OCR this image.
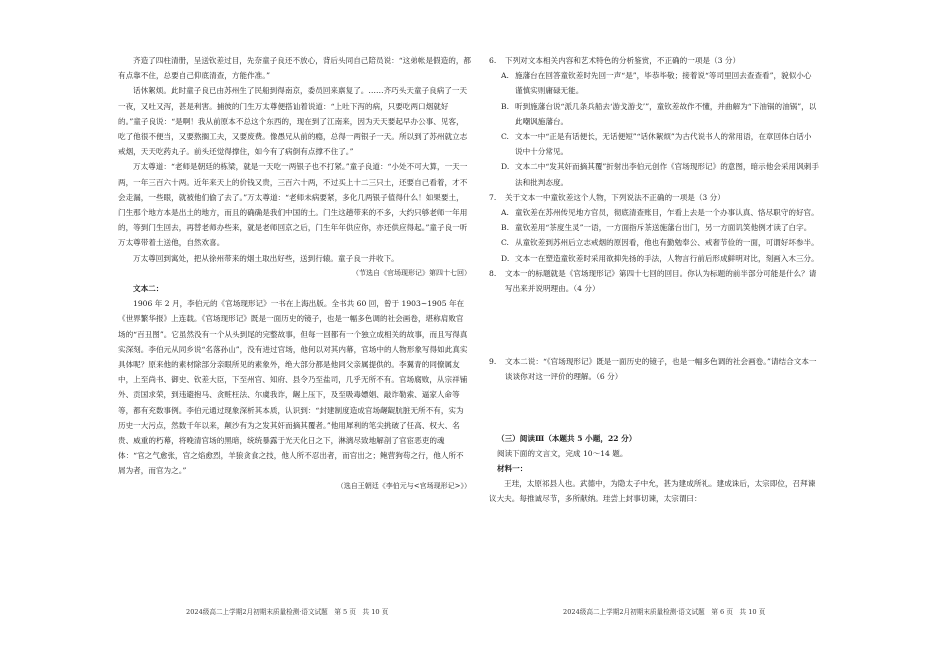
齐造了四柱清册，呈送钦差过目，先奈童子良还不放心，背后头同自己陪员说：“这弟帐是假造的，都有点靠不住，总要自己仰底清查，方能作准。”

话休絮烦。此时童子良已由苏州生了民船到得南京，委员回来禀复了。……齐巧头天童子良病了一天一夜，又吐又泻，甚是利害。捕彼的门生万太尊便搭讪着说道：“上吐下泻的病，只要吃两口烟就好的。”童子良说：“是啊！我从前原本不总这个东西的，现在到了江南来，因为天天要起早办公事、见客，吃了他很不便当，又要熬搁工夫，又要废费。像愚兄从前的瘾，总得一两银子一天。所以到了苏州就立志戒烟，天天吃药丸子。前头还觉得撑住，如今有了病倒有点撑不住了。”

万太尊道：“老师是朝廷的栋梁，就是一天吃一两银子也不打紧。”童子良道：“小处不可大算，一天一两，一年三百六十两。近年来天上的价钱又贵，三百六十两，不过买上十二三只土，还要自己看着，才不会走漏，一些眼，就被他们偷了去了。”万太尊道：“老师未病要紧，多化几两银子值得什么！如果要土，门生那个地方本是出土的地方，而且的确确是我们中国的土。门生这趟带来的不多，大约只够老师一年用的，等到门生回去，再替老师办些来，就是老师回京之后，门生年年供应你，亦还供应得起。”童子良一听万太尊带着土送他，自然欢喜。

万太尊回到寓处，把从徐州带来的烟土取出好些，送到行辕。童子良一并收下。

（节选自《官场现形记》第四十七回）

文本二：

1906 年 2 月，李伯元的《官场现形记》一书在上海出版。全书共 60 回，曾于 1903~1905 年在《世界繁华报》上连载。《官场现形记》既是一面历史的镜子，也是一幅多色调的社会画卷，堪称肩败官场的“百丑图”。它虽然没有一个从头到尾的完整故事，但每一回都有一个独立成相关的故事，而且写得真实深刻。李伯元从同乡说“名落孙山”，没有进过官场，他何以对其内幕，官场中的人物形象写得如此真实具体呢？原来他的素材除部分亲眼所见的素象外，绝大部分都是他同父亲属提供的。李翼青的同僚属友中，上至尚书、御史、钦差大臣，下至州官、知府、县令乃至盐司，几乎无所不有。官场腐败，从宗祥铺外、贡国求荣，到违避抱马、贪赃枉法、尔虞我诈，龌上压下，及至吸毒嫖娼、敲诈勒索、逼家人命等等，都有充数事例。李伯元通过现象深析其本质，认识到：“封建制度造成官场龌龊肮脏无所不有，实为历史一大污点，然数千年以来，颠沙有为之发其奸而摘其覆者。”他用犀利的笔尖挑破了任高、权大、名贵、威重的朽幕，将晚清官场的黑暗，统统暴露于光天化日之下，淋漓尽致地解剖了官宦恶吏的魂体：“官之气愈张，官之焰愈烈，羊狼贪食之技，他人所不忍出者，而官出之；鲍营狗苟之行，他人所不屑为者，而官为之。”

（选自王朝廷《李伯元与<官场现形记>》）

2024级高二上学期2月初期末质量检测·语文试题　第 5 页　共 10 页
6.	下列对文本相关内容和艺术特色的分析鉴赏，不正确的一项是（3 分）
A. 施藩台在回答童钦差时先回一声“是”，毕恭毕敬；接着说“等司里回去查查看”，貌似小心谨慎实则庸碌无能。
B. 听到施藩台说“派几条兵船去‘游戈游戈’”，童钦差故作不懂，并曲解为“下油锅的油锅”，以此嘲讽施藩台。
C. 文本一中“正是有话便长，无话便短”“话休絮烦”为古代说书人的常用语，在章回体白话小说中十分常见。
D. 文本二中“发其奸而摘其覆”折射出李伯元创作《官场现形记》的意图，暗示他会采用讽刺手法和批判态度。
7.	关于文本一中童钦差这个人物，下列说法不正确的一项是（3 分）
A. 童钦差在苏州传见地方官员，彻底清查账目，乍看上去是一个办事认真、恪尽职守的好官。
B. 童钦差用“茶度生灵”一语，一方面指斥茶送施藩台出门，另一方面讥笑他例才读了白字。
C. 从童钦差到苏州后立志戒烟的原因看，他也有勤勉奉公、戒奢节俭的一面，可谓好坏参半。
D. 文本一在塑造童钦差时采用欲抑先扬的手法，人物言行前后形成鲜明对比，刻画入木三分。
8.	文本一的标题就是《官场现形记》第四十七回的回目。你认为标题的前半部分可能是什么？请写出来并说明理由。（4 分）
9.	文本二说：“《官场现形记》既是一面历史的镜子，也是一幅多色调的社会画卷。”请结合文本一谈谈你对这一评价的理解。（6 分）

（三）阅读Ⅲ（本题共 5 小题，22 分）

阅读下面的文言文，完成 10～14 题。

材料一：

王珪，太原祁县人也。武德中，为隐太子中允，甚为建成所礼。建成诛后，太宗即位，召拜谏议大夫。每推诚尽节，多所献纳。珪尝上封事切谏，太宗谓曰：

2024级高二上学期2月初期末质量检测·语文试题　第 6 页　共 10 页
